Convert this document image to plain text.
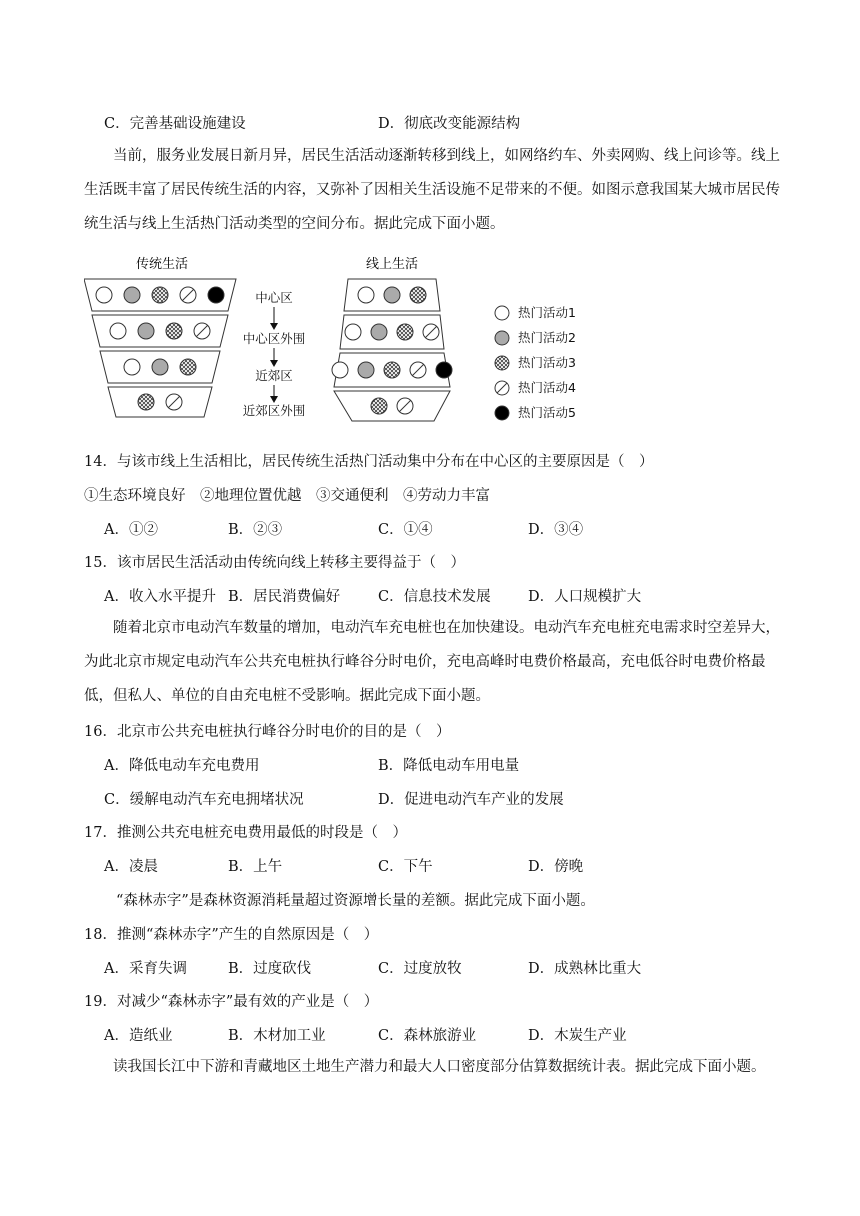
C．完善基础设施建设	D．彻底改变能源结构
当前，服务业发展日新月异，居民生活活动逐渐转移到线上，如网络约车、外卖网购、线上问诊等。线上生活既丰富了居民传统生活的内容，又弥补了因相关生活设施不足带来的不便。如图示意我国某大城市居民传统生活与线上生活热门活动类型的空间分布。据此完成下面小题。
传统生活	线上生活
中心区
中心区外围
近郊区
近郊区外围
热门活动1
热门活动2
热门活动3
热门活动4
热门活动5
14．与该市线上生活相比，居民传统生活热门活动集中分布在中心区的主要原因是（　）
①生态环境良好　②地理位置优越　③交通便利　④劳动力丰富
A．①②	B．②③	C．①④	D．③④
15．该市居民生活活动由传统向线上转移主要得益于（　）
A．收入水平提升 B．居民消费偏好	C．信息技术发展	D．人口规模扩大
随着北京市电动汽车数量的增加，电动汽车充电桩也在加快建设。电动汽车充电桩充电需求时空差异大，为此北京市规定电动汽车公共充电桩执行峰谷分时电价，充电高峰时电费价格最高，充电低谷时电费价格最低，但私人、单位的自由充电桩不受影响。据此完成下面小题。
16．北京市公共充电桩执行峰谷分时电价的目的是（　）
A．降低电动车充电费用	B．降低电动车用电量
C．缓解电动汽车充电拥堵状况	D．促进电动汽车产业的发展
17．推测公共充电桩充电费用最低的时段是（　）
A．凌晨	B．上午	C．下午	D．傍晚
“森林赤字”是森林资源消耗量超过资源增长量的差额。据此完成下面小题。
18．推测“森林赤字”产生的自然原因是（　）
A．采育失调	B．过度砍伐	C．过度放牧	D．成熟林比重大
19．对减少“森林赤字”最有效的产业是（　）
A．造纸业	B．木材加工业	C．森林旅游业	D．木炭生产业
读我国长江中下游和青藏地区土地生产潜力和最大人口密度部分估算数据统计表。据此完成下面小题。
